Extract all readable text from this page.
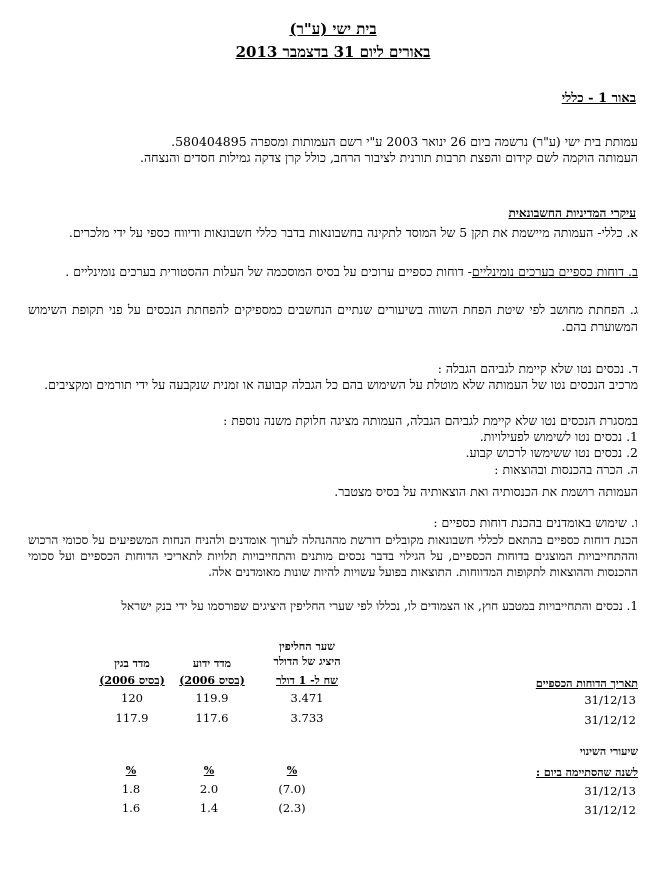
בית ישי (ע"ר)
באורים ליום 31 בדצמבר 2013
באור 1 - כללי
עמותת בית ישי (ע"ר) נרשמה ביום 26 ינואר 2003 ע"י רשם העמותות ומספרה 580404895.
העמותה הוקמה לשם קידום והפצת תרבות תורנית לציבור הרחב, כולל קרן צדקה גמילות חסדים והנצחה.
עיקרי המדיניות החשבונאית
א. כללי- העמותה מיישמת את תקן 5 של המוסד לתקינה בחשבונאות בדבר כללי חשבונאות ודיווח כספי על ידי מלכרים.
ב. דוחות כספיים בערכים נומינליים- דוחות כספיים ערוכים על בסיס המוסכמה של העלות ההסטורית בערכים נומינליים .
ג. הפחתת מחושב לפי שיטת הפחת השווה בשיעורים שנתיים הנחשבים כמספיקים להפחתת הנכסים על פני תקופת השימוש המשוערת בהם.
ד. נכסים נטו שלא קיימת לגביהם הגבלה :
מרכיב הנכסים נטו של העמותה שלא מוטלת על השימוש בהם כל הגבלה קבועה או זמנית שנקבעה על ידי תורמים ומקציבים.
במסגרת הנכסים נטו שלא קיימת לגביהם הגבלה, העמותה מציגה חלוקת משנה נוספת :
1. נכסים נטו לשימוש לפעילויות.
2. נכסים נטו ששימשו לרכוש קבוע.
ה. הכרה בהכנסות ובהוצאות :
העמותה רושמת את הכנסותיה ואת הוצאותיה על בסיס מצטבר.
ו. שימוש באומדנים בהכנת דוחות כספיים :
הכנת דוחות כספיים בהתאם לכללי חשבונאות מקובלים דורשת מההנהלה לערוך אומדנים ולהניח הנחות המשפיעים על סכומי הרכוש וההתחייבויות המוצגים בדוחות הכספיים, על הגילוי בדבר נכסים מותנים והתחייבויות תלויות לתאריכי הדוחות הכספיים ועל סכומי ההכנסות וההוצאות לתקופות המדווחות. התוצאות בפועל עשויות להיות שונות מאומדנים אלה.
1. נכסים והתחייבויות במטבע חוץ, או הצמודים לו, נכללו לפי שערי החליפין היציגים שפורסמו על ידי בנק ישראל
שער החליפין
היציג של הדולר
שח ל- 1 דולר
מדד ידוע
(בסיס 2006)
מדד בגין
(בסיס 2006)	תאריך הדוחות הכספיים
31/12/13
3.471
119.9
120
31/12/12
3.733
117.6
117.9
שיעורי השינוי
לשנה שהסתיימה ביום :
%
%
%
31/12/13
(7.0)
2.0
1.8
31/12/12
(2.3)
1.4
1.6
